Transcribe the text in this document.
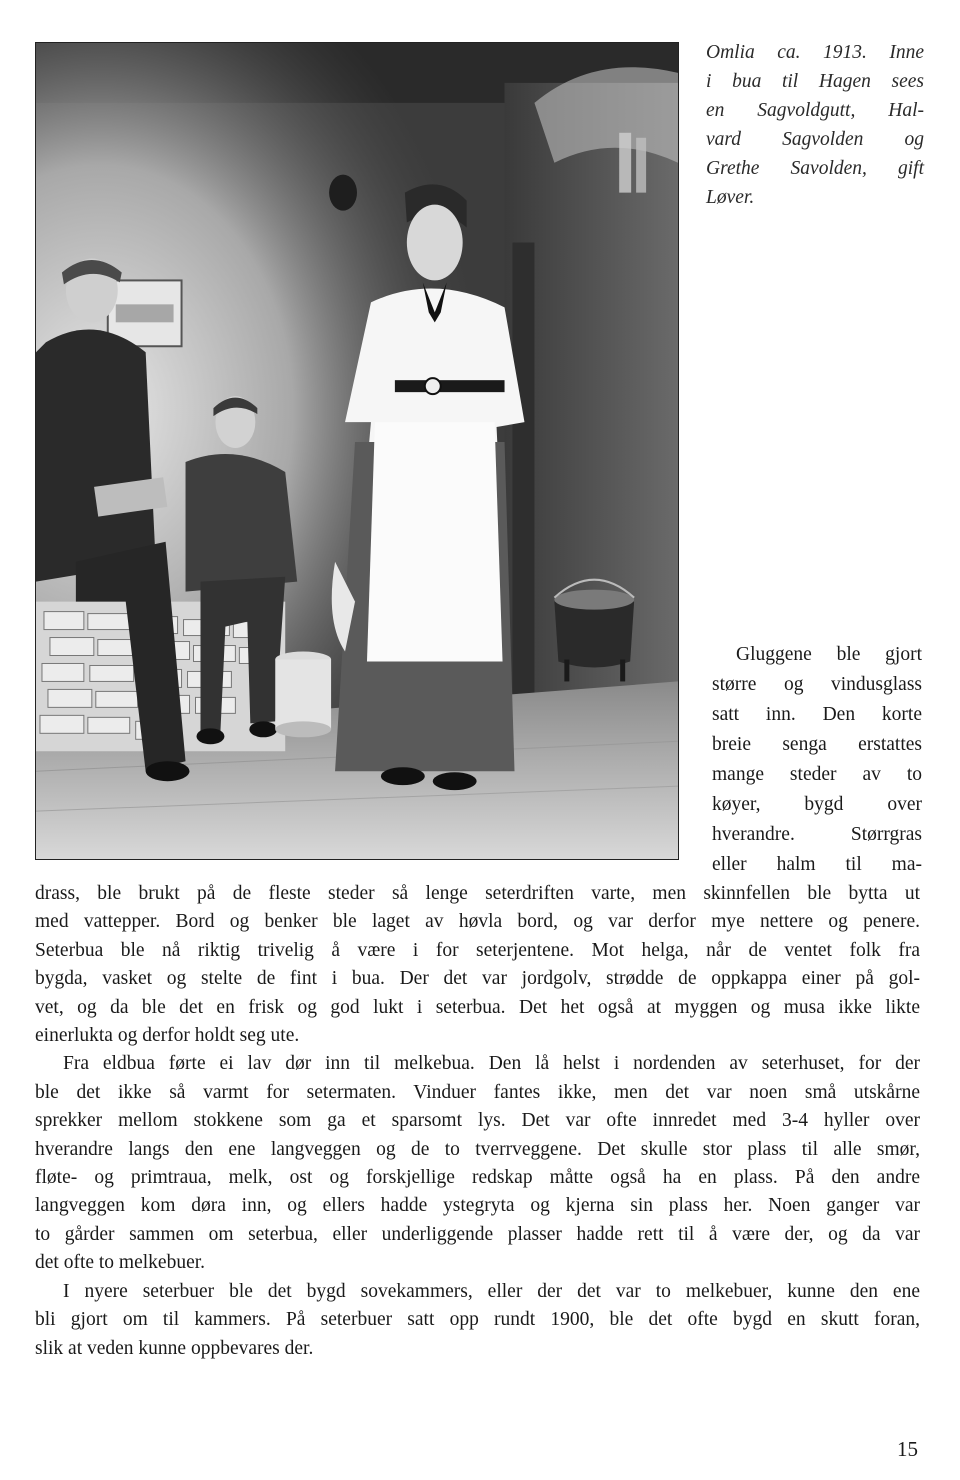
Omlia ca. 1913. Inne
i bua til Hagen sees
en Sagvoldgutt, Hal-
vard Sagvolden og
Grethe Savolden, gift
Løver.

Gluggene ble gjort
større og vindusglass
satt inn. Den korte
breie senga erstattes
mange steder av to
køyer, bygd over
hverandre. Størrgras
eller halm til ma-

drass, ble brukt på de fleste steder så lenge seterdriften varte, men skinnfellen ble bytta ut
med vattepper. Bord og benker ble laget av høvla bord, og var derfor mye nettere og penere.
Seterbua ble nå riktig trivelig å være i for seterjentene. Mot helga, når de ventet folk fra
bygda, vasket og stelte de fint i bua. Der det var jordgolv, strødde de oppkappa einer på gol-
vet, og da ble det en frisk og god lukt i seterbua. Det het også at myggen og musa ikke likte
einerlukta og derfor holdt seg ute.
Fra eldbua førte ei lav dør inn til melkebua. Den lå helst i nordenden av seterhuset, for der
ble det ikke så varmt for setermaten. Vinduer fantes ikke, men det var noen små utskårne
sprekker mellom stokkene som ga et sparsomt lys. Det var ofte innredet med 3-4 hyller over
hverandre langs den ene langveggen og de to tverrveggene. Det skulle stor plass til alle smør,
fløte- og primtraua, melk, ost og forskjellige redskap måtte også ha en plass. På den andre
langveggen kom døra inn, og ellers hadde ystegryta og kjerna sin plass her. Noen ganger var
to gårder sammen om seterbua, eller underliggende plasser hadde rett til å være der, og da var
det ofte to melkebuer.
I nyere seterbuer ble det bygd sovekammers, eller der det var to melkebuer, kunne den ene
bli gjort om til kammers. På seterbuer satt opp rundt 1900, ble det ofte bygd en skutt foran,
slik at veden kunne oppbevares der.
15
